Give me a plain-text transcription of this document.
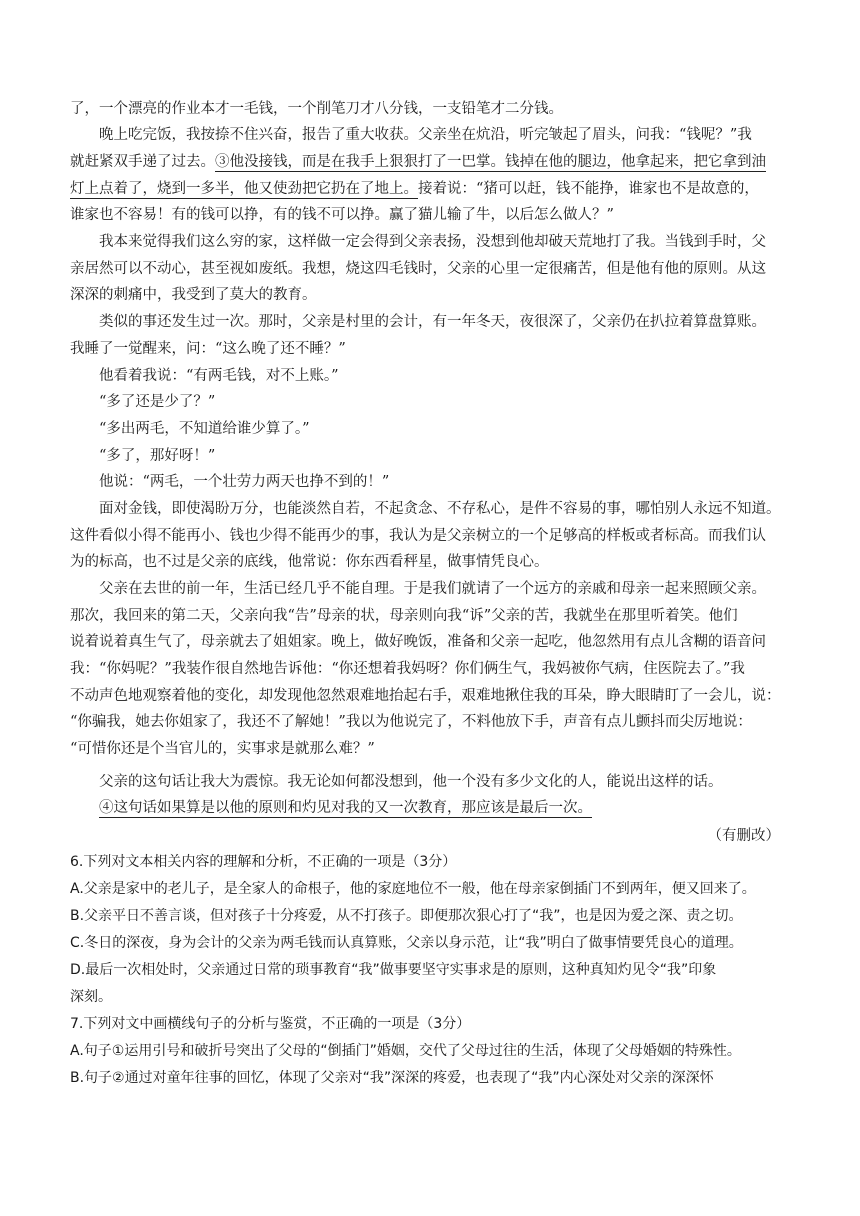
了，一个漂亮的作业本才一毛钱，一个削笔刀才八分钱，一支铅笔才二分钱。
晚上吃完饭，我按捺不住兴奋，报告了重大收获。父亲坐在炕沿，听完皱起了眉头，问我：“钱呢？”我
就赶紧双手递了过去。③他没接钱，而是在我手上狠狠打了一巴掌。钱掉在他的腿边，他拿起来，把它拿到油
灯上点着了，烧到一多半，他又使劲把它扔在了地上。接着说：“猪可以赶，钱不能挣，谁家也不是故意的，
谁家也不容易！有的钱可以挣，有的钱不可以挣。赢了猫儿输了牛，以后怎么做人？”
我本来觉得我们这么穷的家，这样做一定会得到父亲表扬，没想到他却破天荒地打了我。当钱到手时，父
亲居然可以不动心，甚至视如废纸。我想，烧这四毛钱时，父亲的心里一定很痛苦，但是他有他的原则。从这
深深的刺痛中，我受到了莫大的教育。
类似的事还发生过一次。那时，父亲是村里的会计，有一年冬天，夜很深了，父亲仍在扒拉着算盘算账。
我睡了一觉醒来，问：“这么晚了还不睡？”
他看着我说：“有两毛钱，对不上账。”
“多了还是少了？”
“多出两毛，不知道给谁少算了。”
“多了，那好呀！”
他说：“两毛，一个壮劳力两天也挣不到的！”
面对金钱，即使渴盼万分，也能淡然自若，不起贪念、不存私心，是件不容易的事，哪怕别人永远不知道。
这件看似小得不能再小、钱也少得不能再少的事，我认为是父亲树立的一个足够高的样板或者标高。而我们认
为的标高，也不过是父亲的底线，他常说：你东西看秤星，做事情凭良心。
父亲在去世的前一年，生活已经几乎不能自理。于是我们就请了一个远方的亲戚和母亲一起来照顾父亲。
那次，我回来的第二天，父亲向我“告”母亲的状，母亲则向我“诉”父亲的苦，我就坐在那里听着笑。他们
说着说着真生气了，母亲就去了姐姐家。晚上，做好晚饭，准备和父亲一起吃，他忽然用有点儿含糊的语音问
我：“你妈呢？”我装作很自然地告诉他：“你还想着我妈呀？你们俩生气，我妈被你气病，住医院去了。”我
不动声色地观察着他的变化，却发现他忽然艰难地抬起右手，艰难地揪住我的耳朵，睁大眼睛盯了一会儿，说：
“你骗我，她去你姐家了，我还不了解她！”我以为他说完了，不料他放下手，声音有点儿颤抖而尖厉地说：
“可惜你还是个当官儿的，实事求是就那么难？”
父亲的这句话让我大为震惊。我无论如何都没想到，他一个没有多少文化的人，能说出这样的话。
④这句话如果算是以他的原则和灼见对我的又一次教育，那应该是最后一次。
（有删改）
6.下列对文本相关内容的理解和分析，不正确的一项是（3分）
A.父亲是家中的老儿子，是全家人的命根子，他的家庭地位不一般，他在母亲家倒插门不到两年，便又回来了。
B.父亲平日不善言谈，但对孩子十分疼爱，从不打孩子。即便那次狠心打了“我”，也是因为爱之深、责之切。
C.冬日的深夜，身为会计的父亲为两毛钱而认真算账，父亲以身示范，让“我”明白了做事情要凭良心的道理。
D.最后一次相处时，父亲通过日常的琐事教育“我”做事要坚守实事求是的原则，这种真知灼见令“我”印象
深刻。
7.下列对文中画横线句子的分析与鉴赏，不正确的一项是（3分）
A.句子①运用引号和破折号突出了父母的“倒插门”婚姻，交代了父母过往的生活，体现了父母婚姻的特殊性。
B.句子②通过对童年往事的回忆，体现了父亲对“我”深深的疼爱，也表现了“我”内心深处对父亲的深深怀
